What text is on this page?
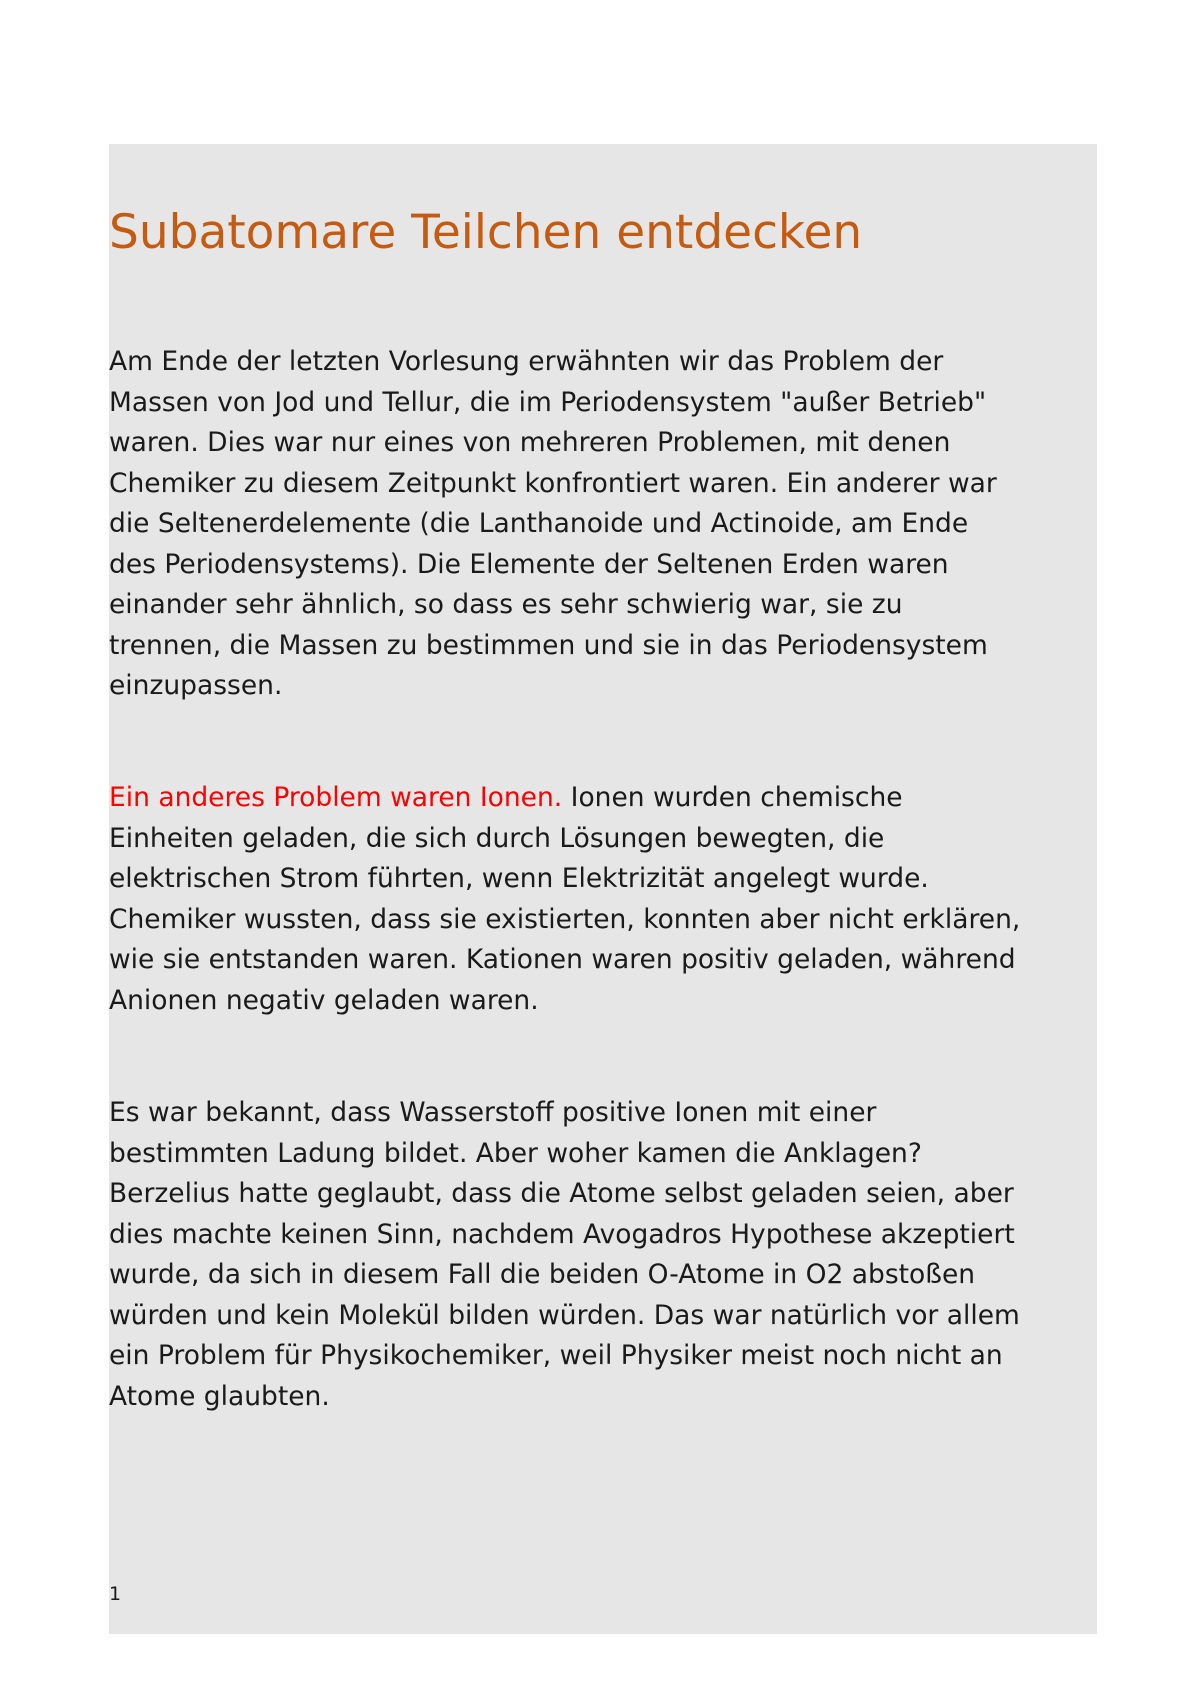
Subatomare Teilchen entdecken

Am Ende der letzten Vorlesung erwähnten wir das Problem der
Massen von Jod und Tellur, die im Periodensystem "außer Betrieb"
waren. Dies war nur eines von mehreren Problemen, mit denen
Chemiker zu diesem Zeitpunkt konfrontiert waren. Ein anderer war
die Seltenerdelemente (die Lanthanoide und Actinoide, am Ende
des Periodensystems). Die Elemente der Seltenen Erden waren
einander sehr ähnlich, so dass es sehr schwierig war, sie zu
trennen, die Massen zu bestimmen und sie in das Periodensystem
einzupassen.

Ein anderes Problem waren Ionen. Ionen wurden chemische
Einheiten geladen, die sich durch Lösungen bewegten, die
elektrischen Strom führten, wenn Elektrizität angelegt wurde.
Chemiker wussten, dass sie existierten, konnten aber nicht erklären,
wie sie entstanden waren. Kationen waren positiv geladen, während
Anionen negativ geladen waren.

Es war bekannt, dass Wasserstoff positive Ionen mit einer
bestimmten Ladung bildet. Aber woher kamen die Anklagen?
Berzelius hatte geglaubt, dass die Atome selbst geladen seien, aber
dies machte keinen Sinn, nachdem Avogadros Hypothese akzeptiert
wurde, da sich in diesem Fall die beiden O-Atome in O2 abstoßen
würden und kein Molekül bilden würden. Das war natürlich vor allem
ein Problem für Physikochemiker, weil Physiker meist noch nicht an
Atome glaubten.

1
